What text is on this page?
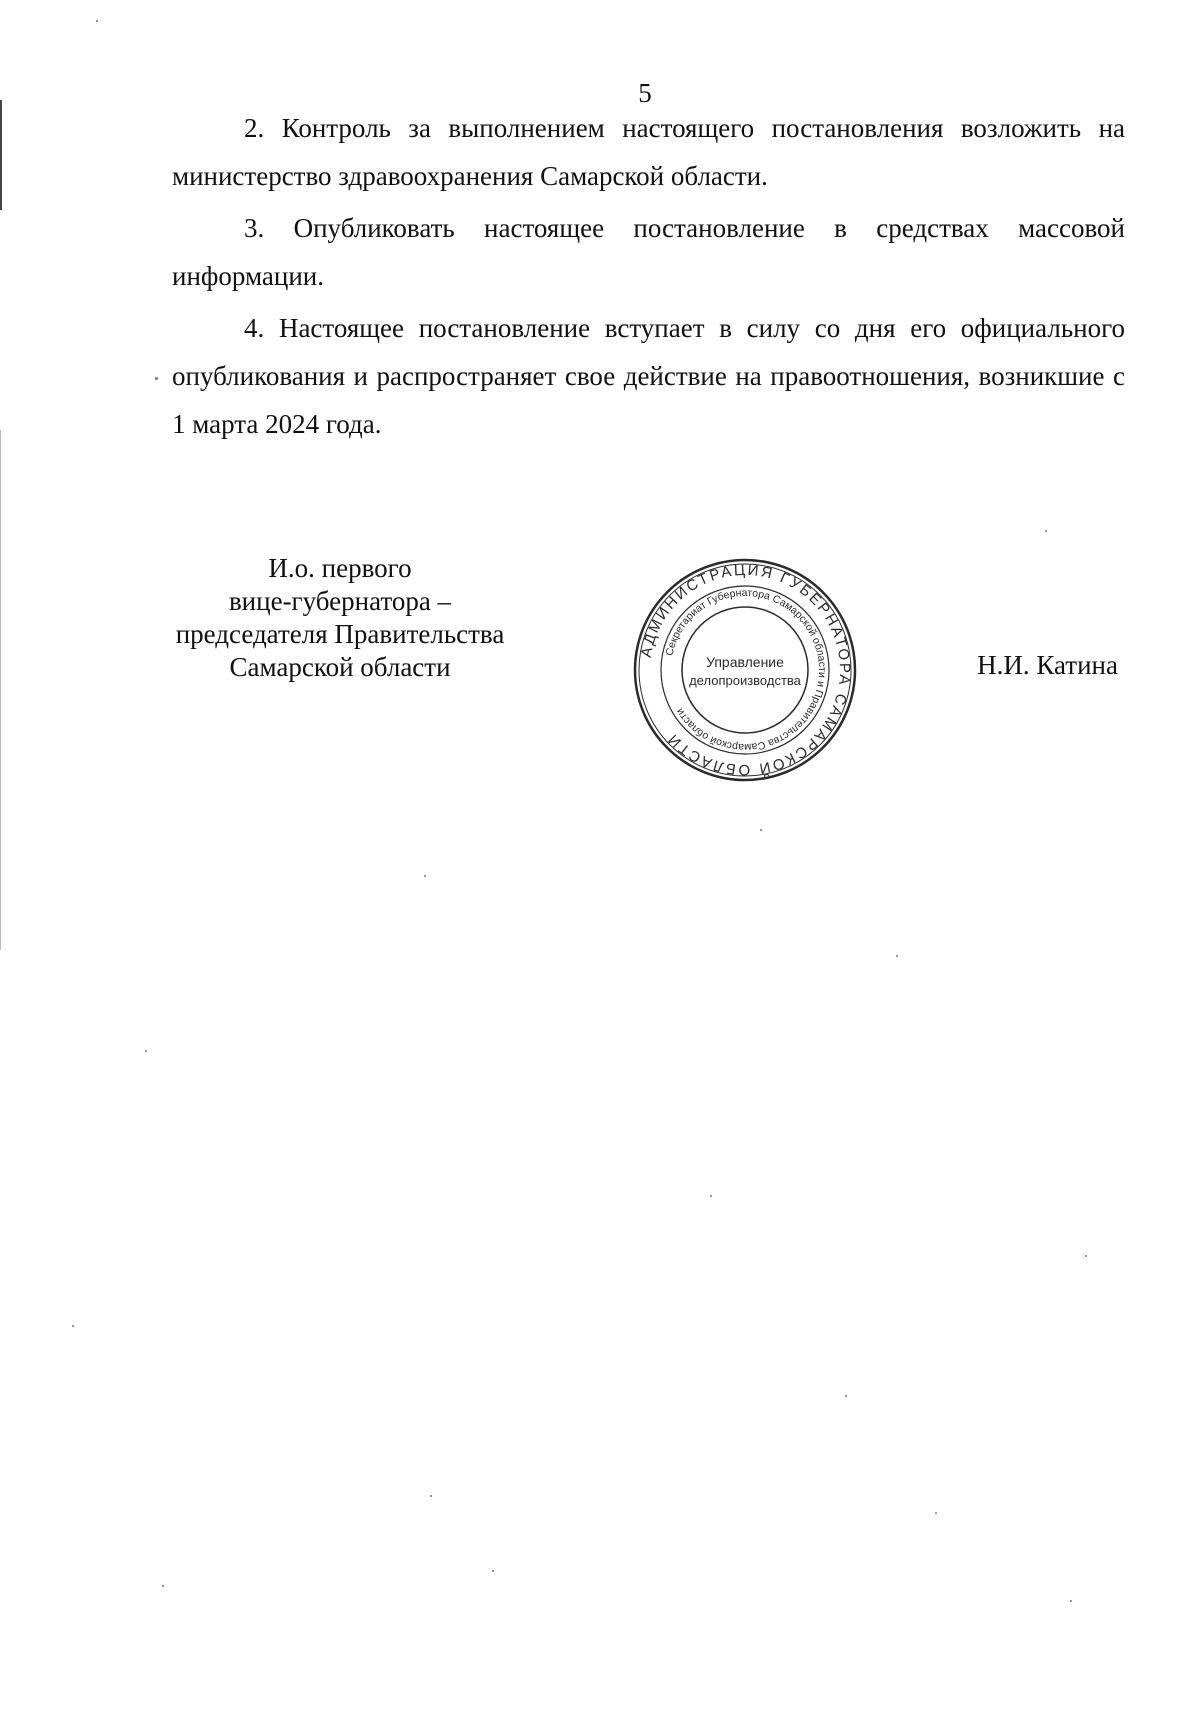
5

2. Контроль за выполнением настоящего постановления возложить на министерство здравоохранения Самарской области.

3. Опубликовать настоящее постановление в средствах массовой информации.

4. Настоящее постановление вступает в силу со дня его официального опубликования и распространяет свое действие на правоотношения, возникшие с 1 марта 2024 года.

И.о. первого
вице-губернатора –
председателя Правительства
Самарской области
АДМИНИСТРАЦИЯ ГУБЕРНАТОРА САМАРСКОЙ ОБЛАСТИ
Секретариат Губернатора Самарской области и Правительства Самарской области
Управление
делопроизводства
Н.И. Катина
